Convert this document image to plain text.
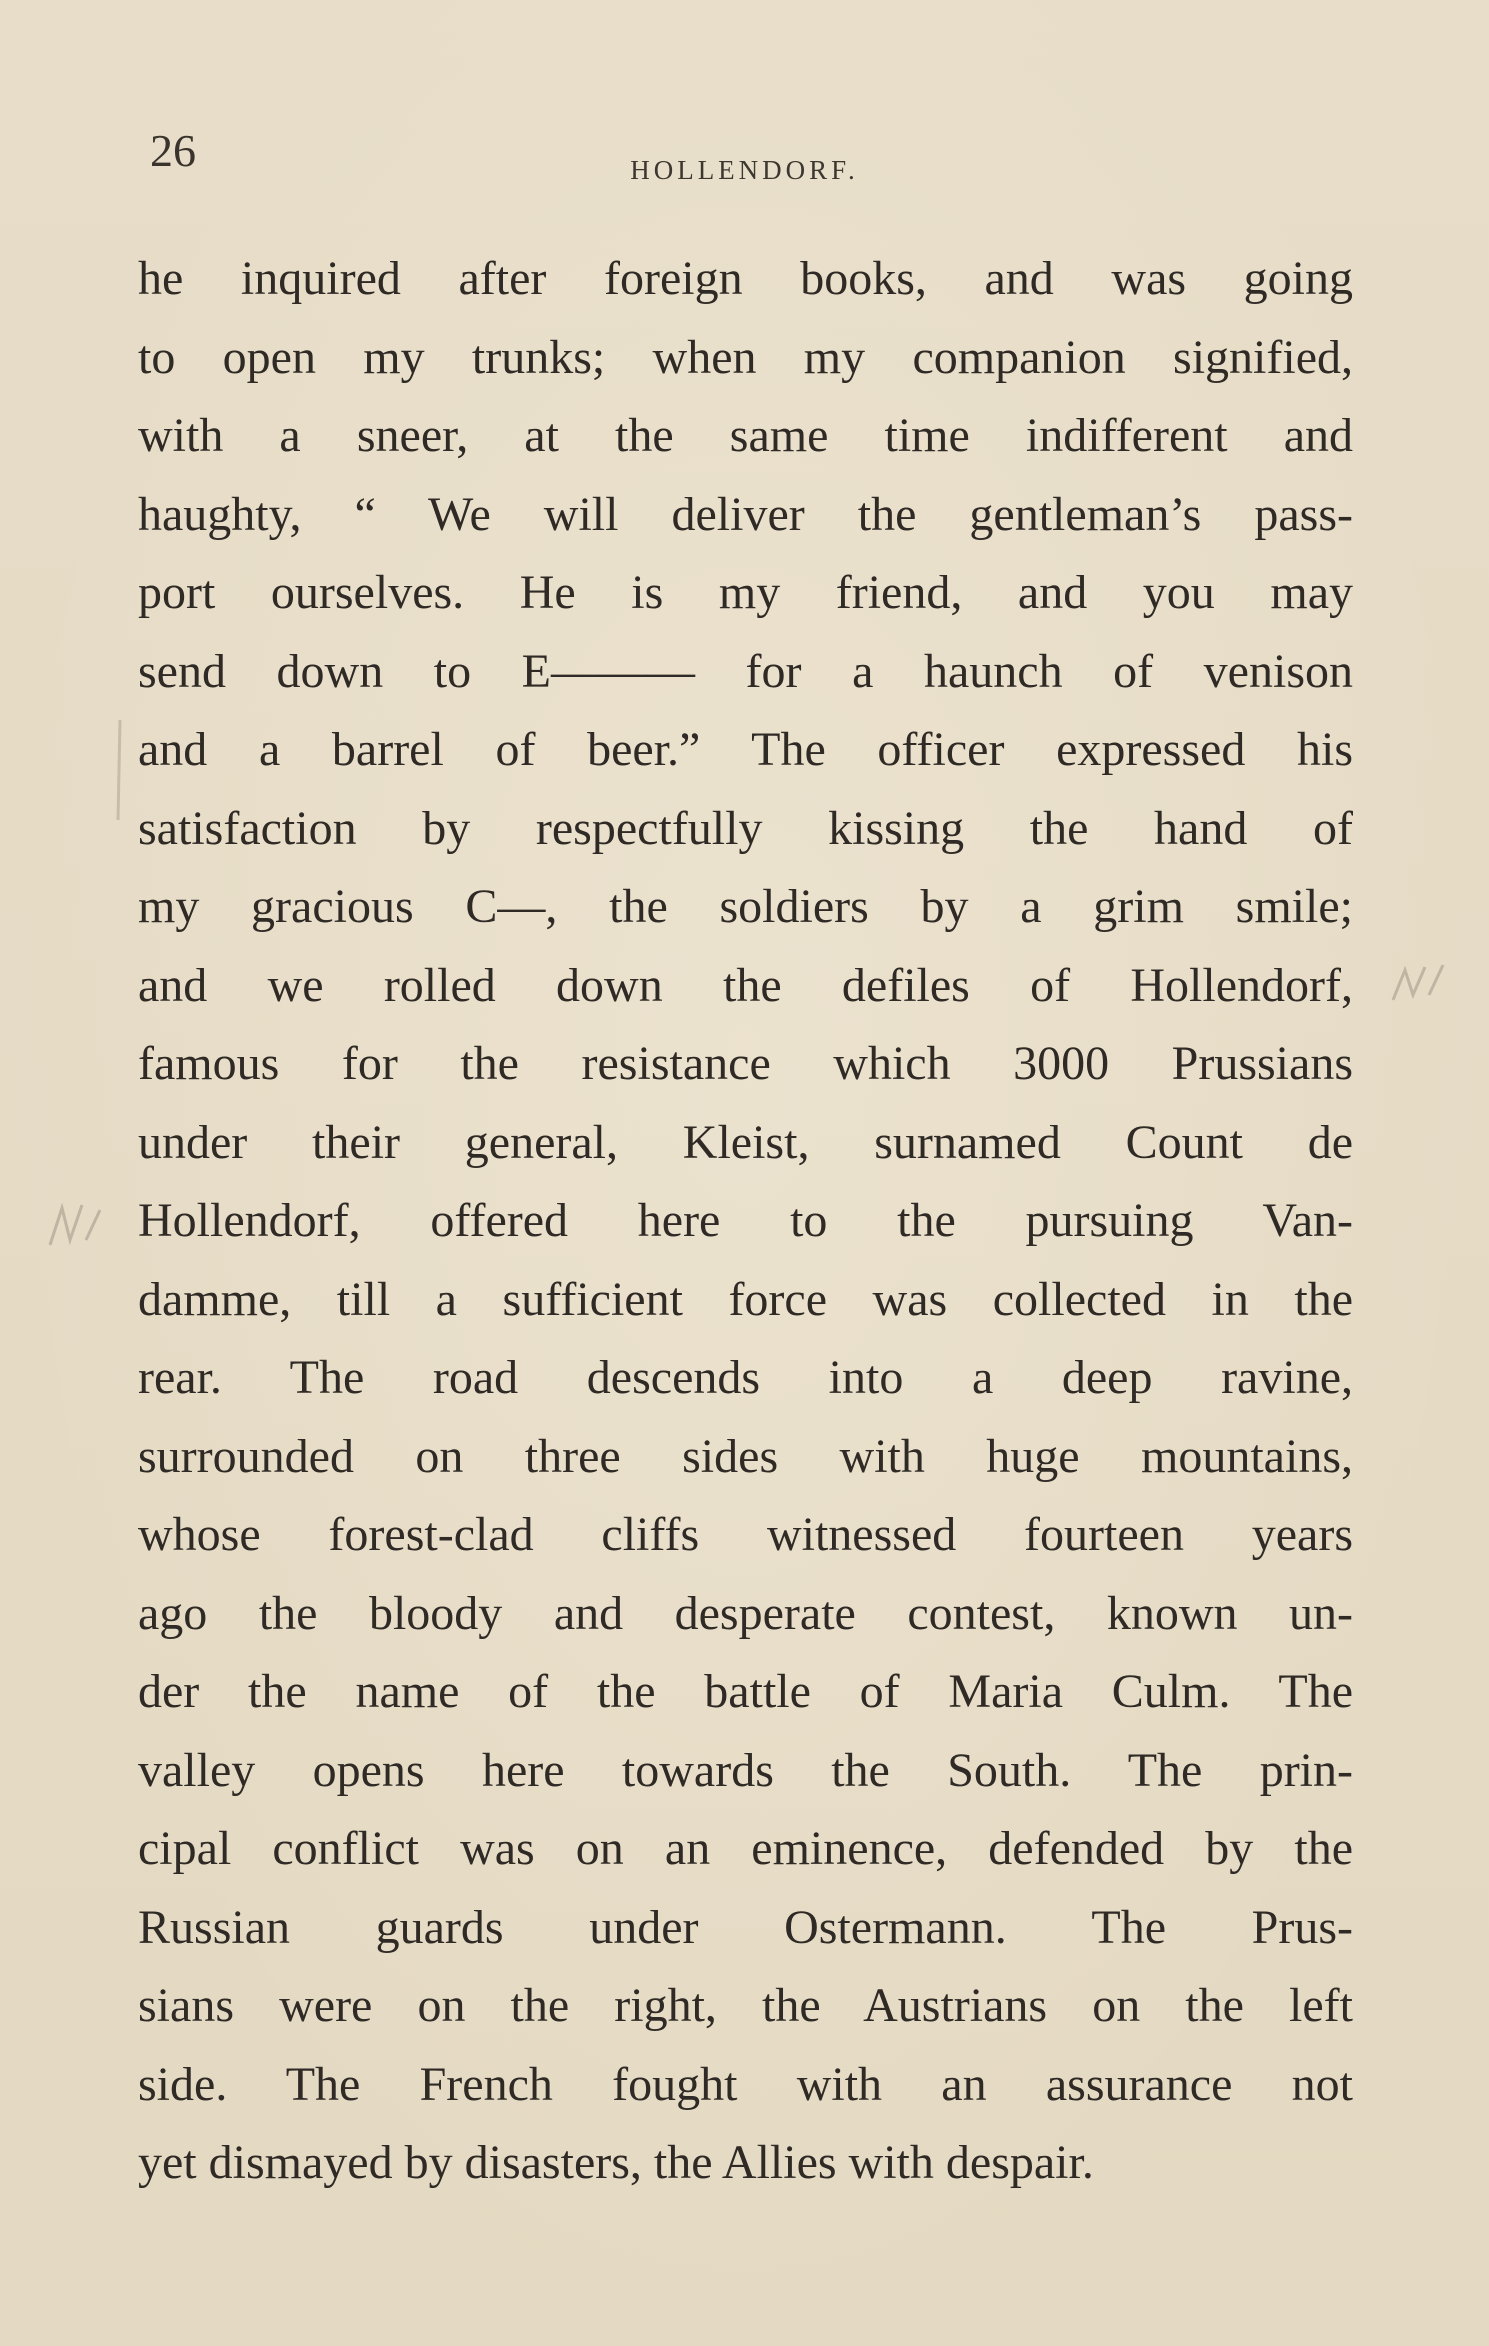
26	HOLLENDORF.
he inquired after foreign books, and was going
to open my trunks; when my companion signified,
with a sneer, at the same time indifferent and
haughty, “ We will deliver the gentleman’s pass-
port ourselves. He is my friend, and you may
send down to E——— for a haunch of venison
and a barrel of beer.” The officer expressed his
satisfaction by respectfully kissing the hand of
my gracious C—, the soldiers by a grim smile;
and we rolled down the defiles of Hollendorf,
famous for the resistance which 3000 Prussians
under their general, Kleist, surnamed Count de
Hollendorf, offered here to the pursuing Van-
damme, till a sufficient force was collected in the
rear. The road descends into a deep ravine,
surrounded on three sides with huge mountains,
whose forest-clad cliffs witnessed fourteen years
ago the bloody and desperate contest, known un-
der the name of the battle of Maria Culm. The
valley opens here towards the South. The prin-
cipal conflict was on an eminence, defended by the
Russian guards under Ostermann. The Prus-
sians were on the right, the Austrians on the left
side. The French fought with an assurance not
yet dismayed by disasters, the Allies with despair.
